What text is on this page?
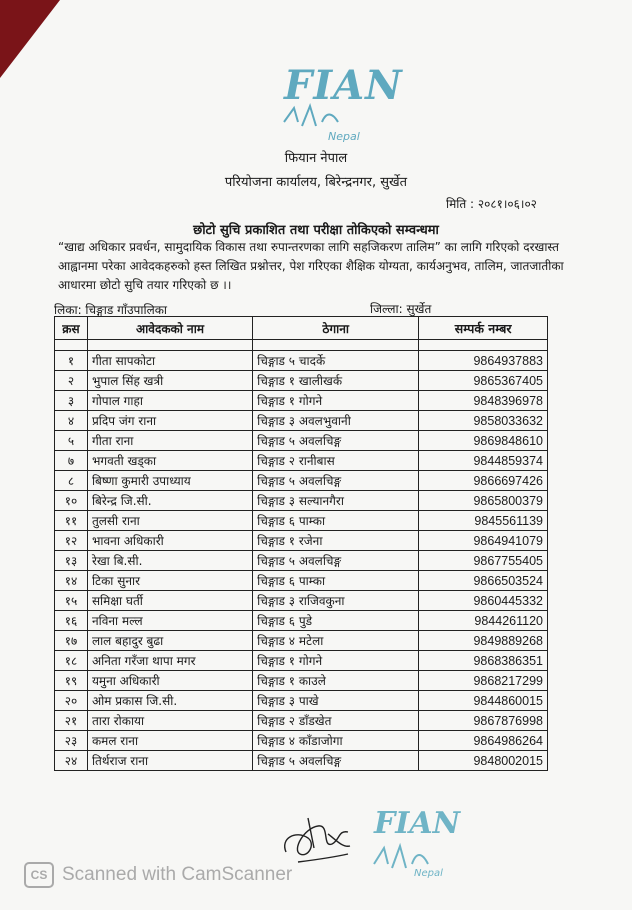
FIAN
Nepal
फियान नेपाल
परियोजना कार्यालय, बिरेन्द्रनगर, सुर्खेत
मिति : २०८१।०६।०२
छोटो सुचि प्रकाशित तथा परीक्षा तोकिएको सम्वन्धमा
“खाद्य अधिकार प्रवर्धन, सामुदायिक विकास तथा रुपान्तरणका लागि सहजिकरण तालिम” का लागि गरिएको दरखास्त आह्वानमा परेका आवेदकहरुको हस्त लिखित प्रश्नोत्तर, पेश गरिएका शैक्षिक योग्यता, कार्यअनुभव, तालिम, जातजातीका आधारमा छोटो सुचि तयार गरिएको छ ।।
लिका: चिङ्गाड गाँउपालिका	जिल्ला: सुर्खेत
क्रस	आवेदकको नाम	ठेगाना	सम्पर्क नम्बर

१	गीता सापकोटा	चिङ्गाड ५ चादर्के	9864937883
२	भुपाल सिंह खत्री	चिङ्गाड १ खालीखर्क	9865367405
३	गोपाल गाहा	चिङ्गाड १ गोगने	9848396978
४	प्रदिप जंग राना	चिङ्गाड ३ अवलभुवानी	9858033632
५	गीता राना	चिङ्गाड ५ अवलचिङ्ग	9869848610
७	भगवती खड्का	चिङ्गाड २ रानीबास	9844859374
८	बिष्णा कुमारी उपाध्याय	चिङ्गाड ५ अवलचिङ्ग	9866697426
१०	बिरेन्द्र जि.सी.	चिङ्गाड ३ सल्यानगैरा	9865800379
११	तुलसी राना	चिङ्गाड ६ पाम्का	9845561139
१२	भावना अधिकारी	चिङ्गाड १ रजेना	9864941079
१३	रेखा बि.सी.	चिङ्गाड ५ अवलचिङ्ग	9867755405
१४	टिका सुनार	चिङ्गाड ६ पाम्का	9866503524
१५	समिक्षा घर्ती	चिङ्गाड ३ राजिवकुना	9860445332
१६	नविना मल्ल	चिङ्गाड ६ पुडे	9844261120
१७	लाल बहादुर बुढा	चिङ्गाड ४ मटेला	9849889268
१८	अनिता गरँजा थापा मगर	चिङ्गाड १ गोगने	9868386351
१९	यमुना अधिकारी	चिङ्गाड १ काउले	9868217299
२०	ओम प्रकास जि.सी.	चिङ्गाड ३ पाखे	9844860015
२१	तारा रोकाया	चिङ्गाड २ डाँडखेत	9867876998
२३	कमल राना	चिङ्गाड ४ काँडाजोगा	9864986264
२४	तिर्थराज राना	चिङ्गाड ५ अवलचिङ्ग	9848002015
FIAN
Nepal
CS Scanned with CamScanner
